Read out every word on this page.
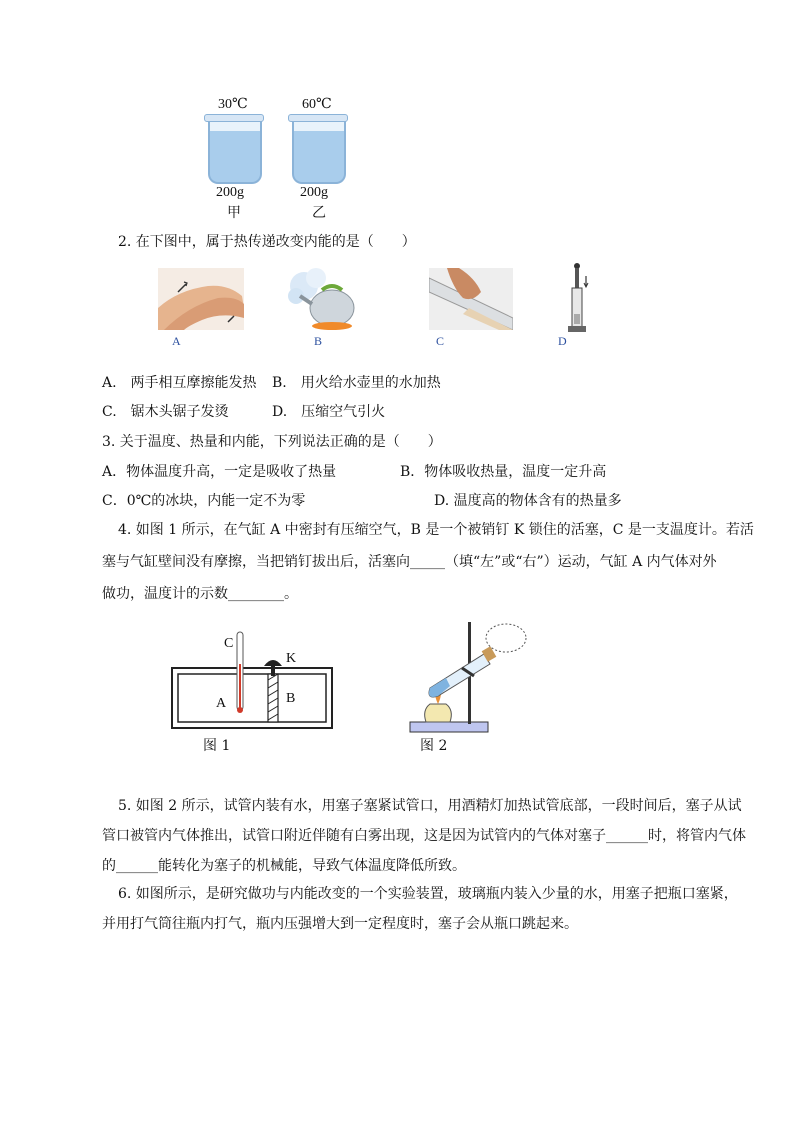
30℃	60℃
200g	200g
甲	乙
2. 在下图中，属于热传递改变内能的是（　　）
A	B	C	D
A.　两手相互摩擦能发热 B.　用火给水壶里的水加热
C.　锯木头锯子发烫	D.　压缩空气引火
3. 关于温度、热量和内能，下列说法正确的是（　　）
A．物体温度升高，一定是吸收了热量	B．物体吸收热量，温度一定升高
C．0℃的冰块，内能一定不为零	D. 温度高的物体含有的热量多
4. 如图 1 所示，在气缸 A 中密封有压缩空气，B 是一个被销钉 K 锁住的活塞，C 是一支温度计。若活
塞与气缸壁间没有摩擦，当把销钉拔出后，活塞向_____（填“左”或“右”）运动，气缸 A 内气体对外
做功，温度计的示数________。
C
K
A	B
图 1	图 2
5. 如图 2 所示，试管内装有水，用塞子塞紧试管口，用酒精灯加热试管底部，一段时间后，塞子从试
管口被管内气体推出，试管口附近伴随有白雾出现，这是因为试管内的气体对塞子______时，将管内气体
的______能转化为塞子的机械能，导致气体温度降低所致。
6. 如图所示，是研究做功与内能改变的一个实验装置，玻璃瓶内装入少量的水，用塞子把瓶口塞紧，
并用打气筒往瓶内打气，瓶内压强增大到一定程度时，塞子会从瓶口跳起来。
